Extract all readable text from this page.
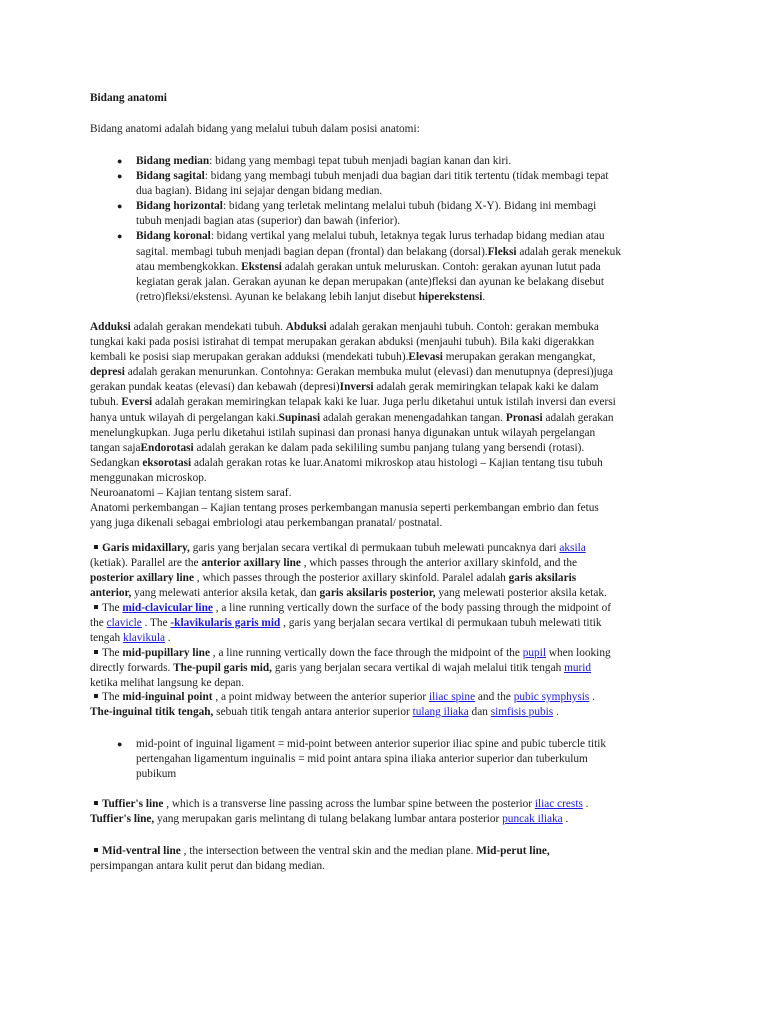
Bidang anatomi

Bidang anatomi adalah bidang yang melalui tubuh dalam posisi anatomi:

● Bidang median: bidang yang membagi tepat tubuh menjadi bagian kanan dan kiri.
● Bidang sagital: bidang yang membagi tubuh menjadi dua bagian dari titik tertentu (tidak membagi tepat
dua bagian). Bidang ini sejajar dengan bidang median.
● Bidang horizontal: bidang yang terletak melintang melalui tubuh (bidang X-Y). Bidang ini membagi
tubuh menjadi bagian atas (superior) dan bawah (inferior).
● Bidang koronal: bidang vertikal yang melalui tubuh, letaknya tegak lurus terhadap bidang median atau
sagital. membagi tubuh menjadi bagian depan (frontal) dan belakang (dorsal).Fleksi adalah gerak menekuk
atau membengkokkan. Ekstensi adalah gerakan untuk meluruskan. Contoh: gerakan ayunan lutut pada
kegiatan gerak jalan. Gerakan ayunan ke depan merupakan (ante)fleksi dan ayunan ke belakang disebut
(retro)fleksi/ekstensi. Ayunan ke belakang lebih lanjut disebut hiperekstensi.

Adduksi adalah gerakan mendekati tubuh. Abduksi adalah gerakan menjauhi tubuh. Contoh: gerakan membuka
tungkai kaki pada posisi istirahat di tempat merupakan gerakan abduksi (menjauhi tubuh). Bila kaki digerakkan
kembali ke posisi siap merupakan gerakan adduksi (mendekati tubuh).Elevasi merupakan gerakan mengangkat,
depresi adalah gerakan menurunkan. Contohnya: Gerakan membuka mulut (elevasi) dan menutupnya (depresi)juga
gerakan pundak keatas (elevasi) dan kebawah (depresi)Inversi adalah gerak memiringkan telapak kaki ke dalam
tubuh. Eversi adalah gerakan memiringkan telapak kaki ke luar. Juga perlu diketahui untuk istilah inversi dan eversi
hanya untuk wilayah di pergelangan kaki.Supinasi adalah gerakan menengadahkan tangan. Pronasi adalah gerakan
menelungkupkan. Juga perlu diketahui istilah supinasi dan pronasi hanya digunakan untuk wilayah pergelangan
tangan sajaEndorotasi adalah gerakan ke dalam pada sekililing sumbu panjang tulang yang bersendi (rotasi).
Sedangkan eksorotasi adalah gerakan rotas ke luar.Anatomi mikroskop atau histologi – Kajian tentang tisu tubuh
menggunakan microskop.
Neuroanatomi – Kajian tentang sistem saraf.
Anatomi perkembangan – Kajian tentang proses perkembangan manusia seperti perkembangan embrio dan fetus
yang juga dikenali sebagai embriologi atau perkembangan pranatal/ postnatal.

Garis midaxillary, garis yang berjalan secara vertikal di permukaan tubuh melewati puncaknya dari aksila
(ketiak). Parallel are the anterior axillary line , which passes through the anterior axillary skinfold, and the
posterior axillary line , which passes through the posterior axillary skinfold. Paralel adalah garis aksilaris
anterior, yang melewati anterior aksila ketak, dan garis aksilaris posterior, yang melewati posterior aksila ketak.

The mid-clavicular line , a line running vertically down the surface of the body passing through the midpoint of
the clavicle . The -klavikularis garis mid , garis yang berjalan secara vertikal di permukaan tubuh melewati titik
tengah klavikula .

The mid-pupillary line , a line running vertically down the face through the midpoint of the pupil when looking
directly forwards. The-pupil garis mid, garis yang berjalan secara vertikal di wajah melalui titik tengah murid
ketika melihat langsung ke depan.

The mid-inguinal point , a point midway between the anterior superior iliac spine and the pubic symphysis .
The-inguinal titik tengah, sebuah titik tengah antara anterior superior tulang iliaka dan simfisis pubis .

● mid-point of inguinal ligament = mid-point between anterior superior iliac spine and pubic tubercle titik
pertengahan ligamentum inguinalis = mid point antara spina iliaka anterior superior dan tuberkulum
pubikum

Tuffier's line , which is a transverse line passing across the lumbar spine between the posterior iliac crests .
Tuffier's line, yang merupakan garis melintang di tulang belakang lumbar antara posterior puncak iliaka .

Mid-ventral line , the intersection between the ventral skin and the median plane. Mid-perut line,
persimpangan antara kulit perut dan bidang median.
